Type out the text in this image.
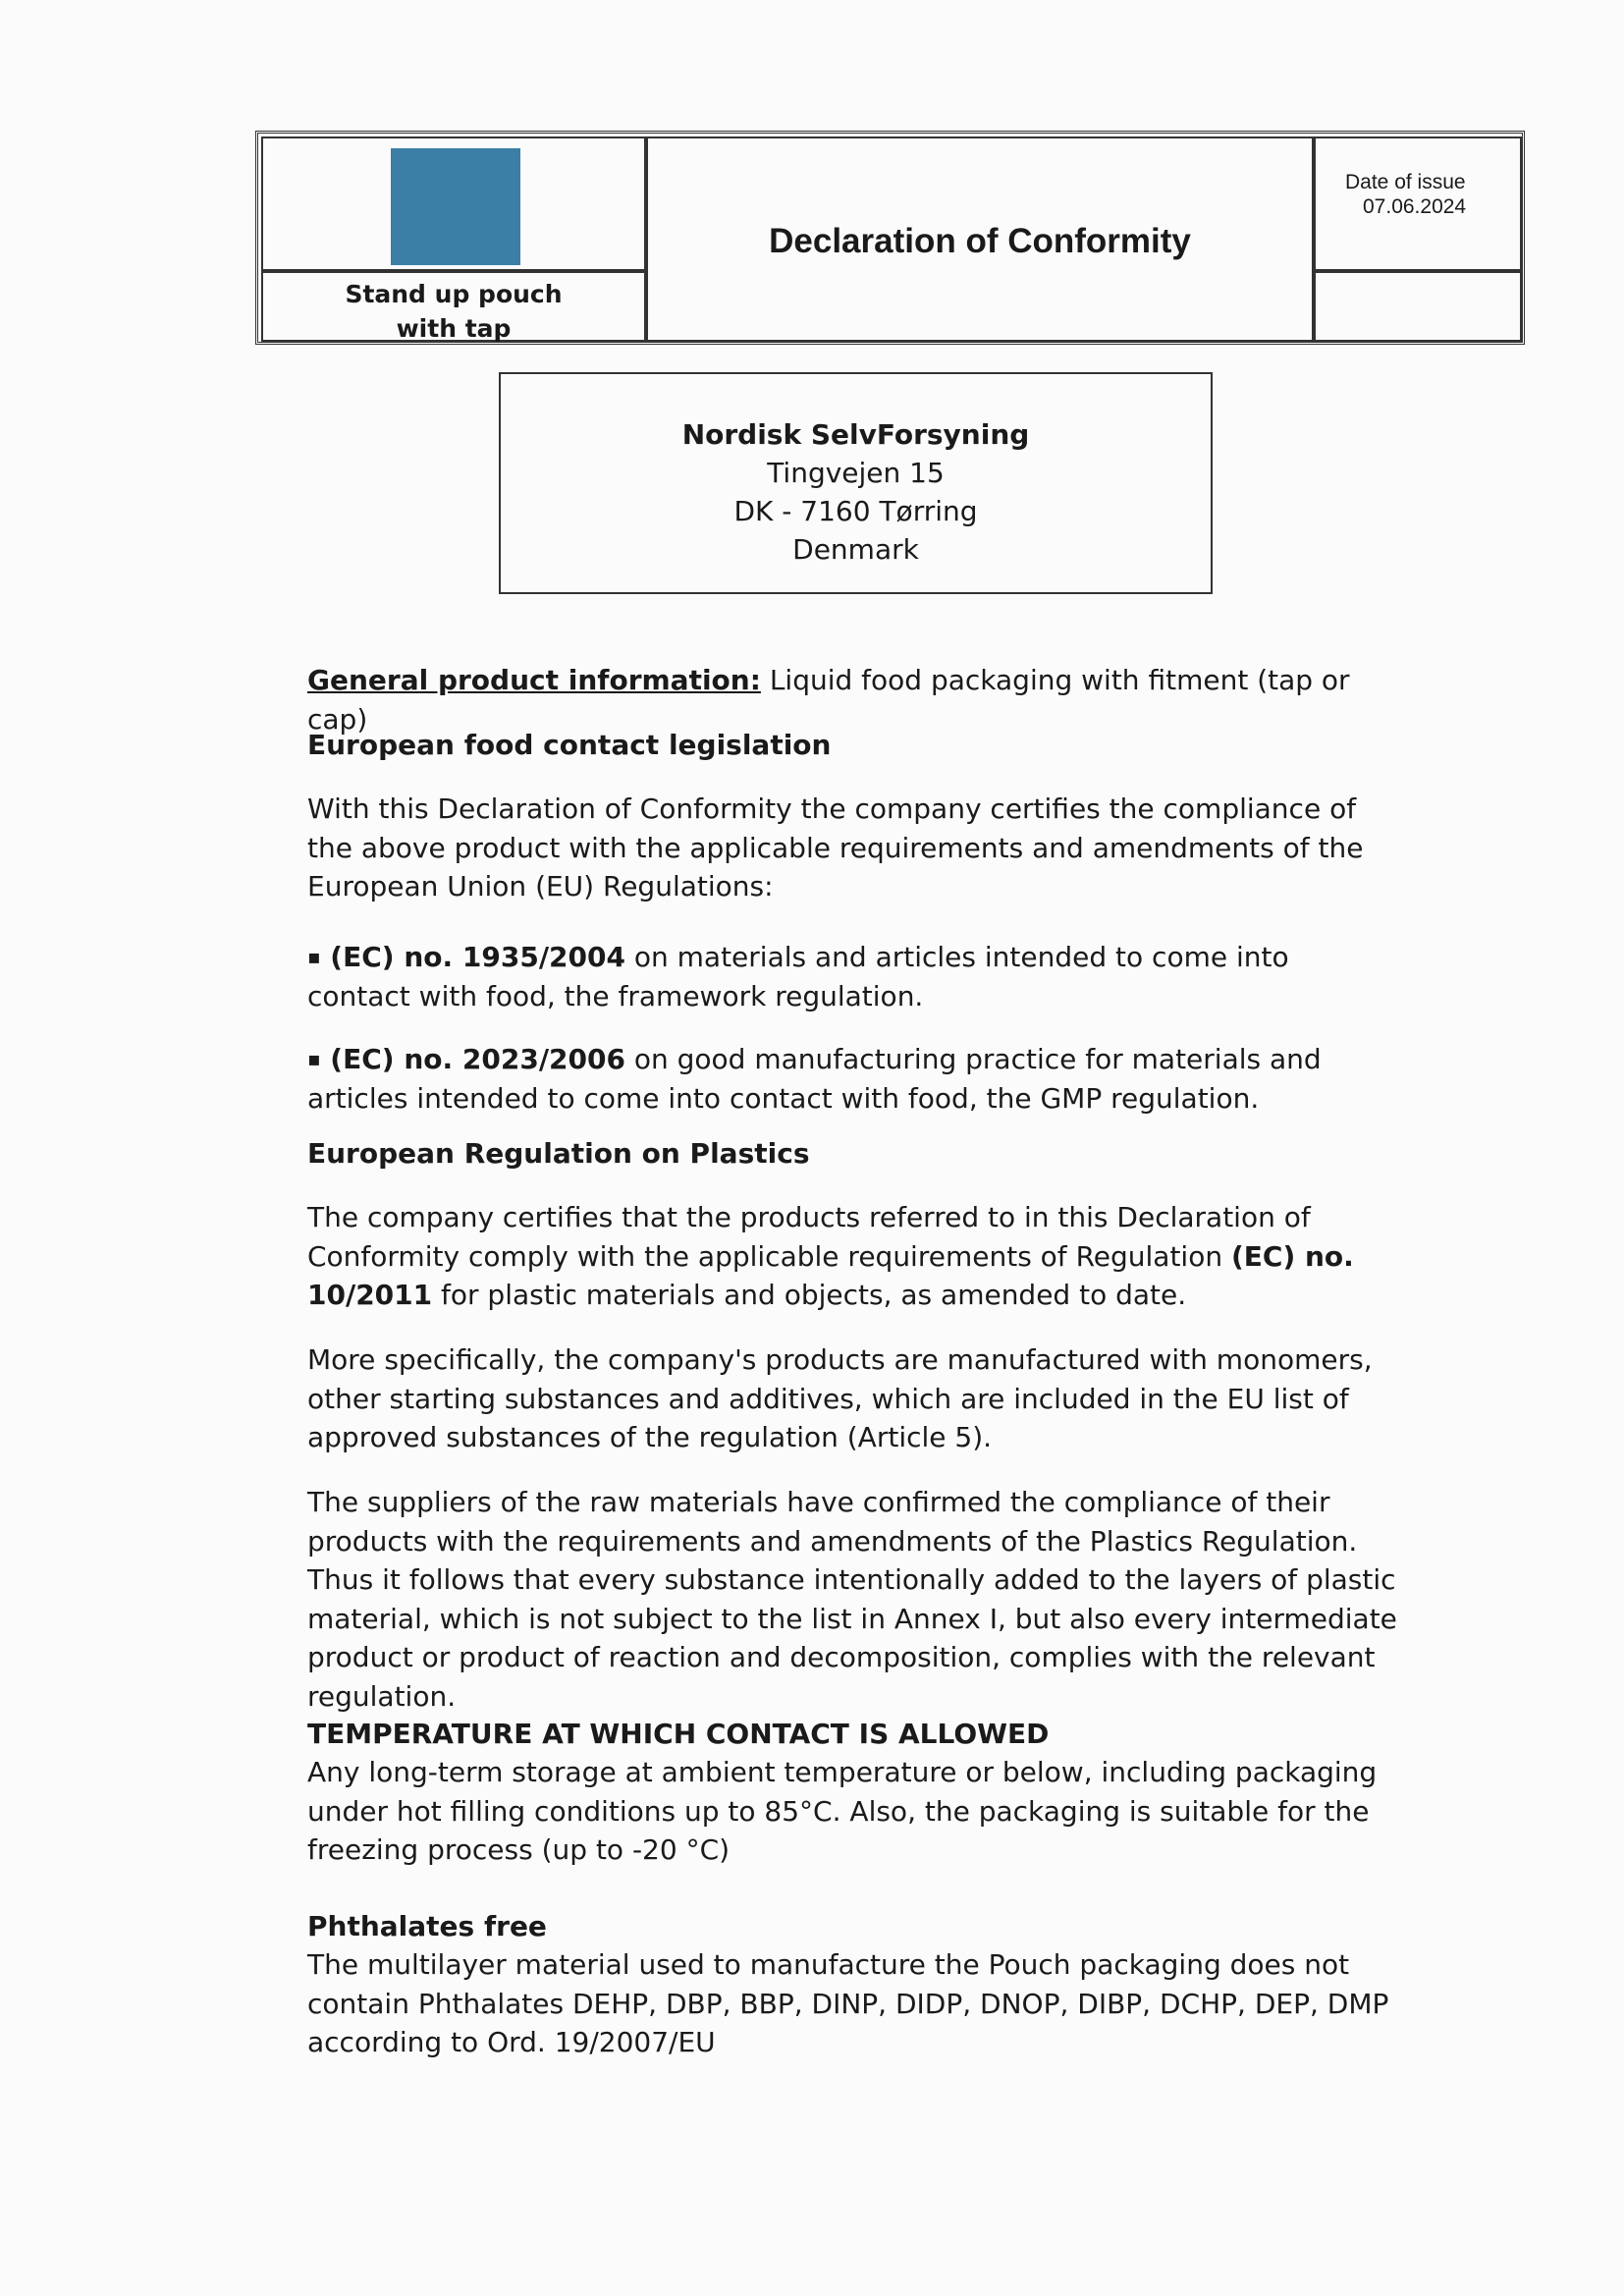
Stand up pouch
with tap
Declaration of Conformity
Date of issue
07.06.2024
Nordisk SelvForsyning
Tingvejen 15
DK - 7160 Tørring
Denmark
General product information: Liquid food packaging with fitment (tap or cap)
European food contact legislation
With this Declaration of Conformity the company certifies the compliance of the above product with the applicable requirements and amendments of the European Union (EU) Regulations:
▪ (EC) no. 1935/2004 on materials and articles intended to come into contact with food, the framework regulation.
▪ (EC) no. 2023/2006 on good manufacturing practice for materials and articles intended to come into contact with food, the GMP regulation.
European Regulation on Plastics
The company certifies that the products referred to in this Declaration of Conformity comply with the applicable requirements of Regulation (EC) no. 10/2011 for plastic materials and objects, as amended to date.
More specifically, the company's products are manufactured with monomers, other starting substances and additives, which are included in the EU list of approved substances of the regulation (Article 5).
The suppliers of the raw materials have confirmed the compliance of their products with the requirements and amendments of the Plastics Regulation. Thus it follows that every substance intentionally added to the layers of plastic material, which is not subject to the list in Annex I, but also every intermediate product or product of reaction and decomposition, complies with the relevant regulation.
TEMPERATURE AT WHICH CONTACT IS ALLOWED
Any long-term storage at ambient temperature or below, including packaging under hot filling conditions up to 85°C. Also, the packaging is suitable for the freezing process (up to -20 °C)
Phthalates free
The multilayer material used to manufacture the Pouch packaging does not contain Phthalates DEHP, DBP, BBP, DINP, DIDP, DNOP, DIBP, DCHP, DEP, DMP according to Ord. 19/2007/EU
